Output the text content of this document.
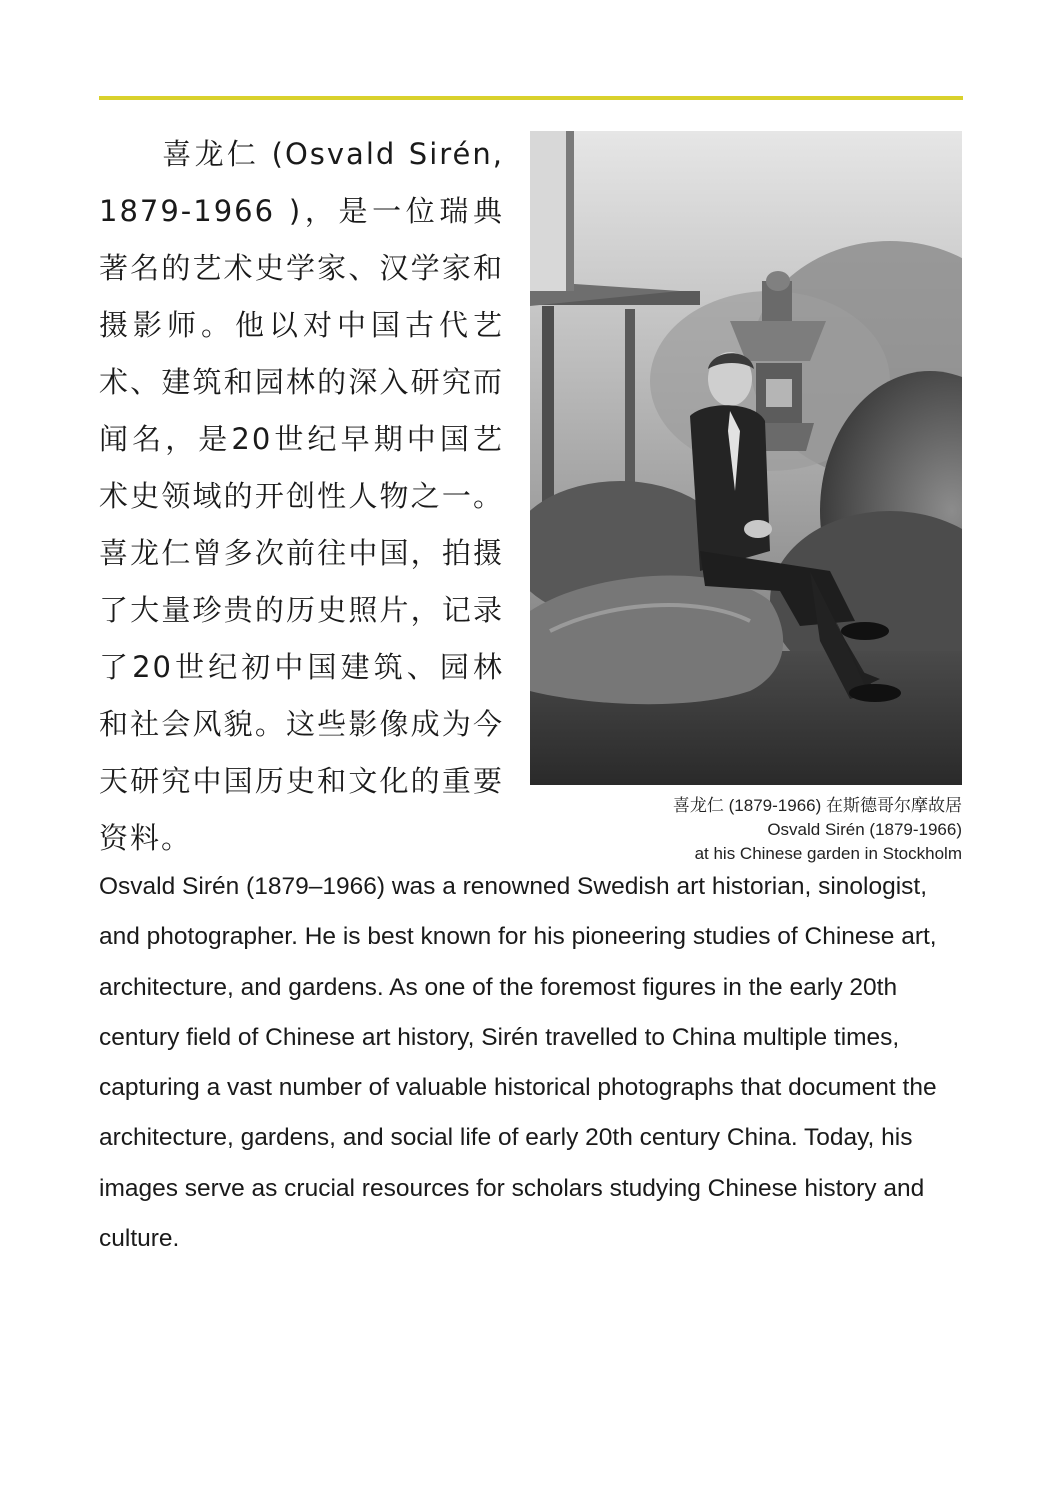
喜龙仁 (Osvald Sirén, 1879-1966 )，是一位瑞典著名的艺术史学家、汉学家和摄影师。他以对中国古代艺术、建筑和园林的深入研究而闻名，是20世纪早期中国艺术史领域的开创性人物之一。喜龙仁曾多次前往中国，拍摄了大量珍贵的历史照片，记录了20世纪初中国建筑、园林和社会风貌。这些影像成为今天研究中国历史和文化的重要资料。
喜龙仁 (1879-1966) 在斯德哥尔摩故居
Osvald Sirén (1879-1966)
at his Chinese garden in Stockholm
Osvald Sirén (1879–1966) was a renowned Swedish art historian, sinologist, and photographer. He is best known for his pioneering studies of Chinese art, architecture, and gardens. As one of the foremost figures in the early 20th century field of Chinese art history, Sirén travelled to China multiple times, capturing a vast number of valuable historical photographs that document the architecture, gardens, and social life of early 20th century China. Today, his images serve as crucial resources for scholars studying Chinese history and culture.
